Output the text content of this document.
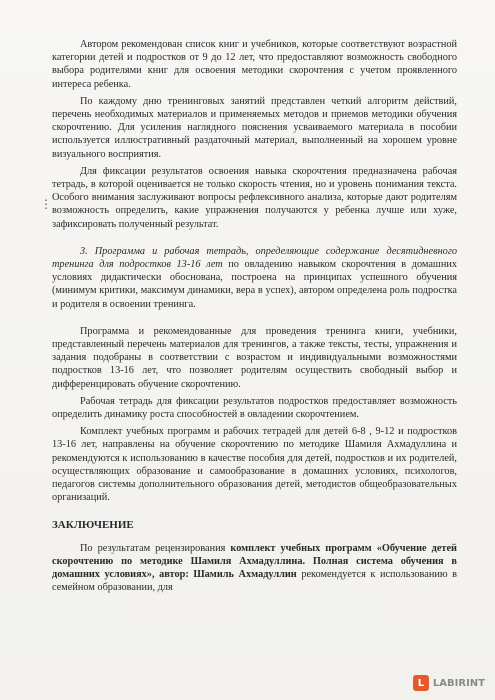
⋮

Автором рекомендован список книг и учебников, которые соответствуют возрастной категории детей и подростков от 9 до 12 лет, что предоставляют возможность свободного выбора родителями книг для освоения методики скорочтения с учетом проявленного интереса ребенка.

По каждому дню тренинговых занятий представлен четкий алгоритм действий, перечень необходимых материалов и применяемых методов и приемов методики обучения скорочтению. Для усиления наглядного пояснения усваиваемого материала в пособии используется иллюстративный раздаточный материал, выполненный на хорошем уровне визуального восприятия.

Для фиксации результатов освоения навыка скорочтения предназначена рабочая тетрадь, в которой оценивается не только скорость чтения, но и уровень понимания текста. Особого внимания заслуживают вопросы рефлексивного анализа, которые дают родителям возможность определить, какие упражнения получаются у ребенка лучше или хуже, зафиксировать полученный результат.

3. Программа и рабочая тетрадь, определяющие содержание десятидневного тренинга для подростков 13-16 лет по овладению навыком скорочтения в домашних условиях дидактически обоснована, построена на принципах успешного обучения (минимум критики, максимум динамики, вера в успех), автором определена роль подростка и родителя в освоении тренинга.

Программа и рекомендованные для проведения тренинга книги, учебники, представленный перечень материалов для тренингов, а также тексты, тесты, упражнения и задания подобраны в соответствии с возрастом и индивидуальными возможностями подростков 13-16 лет, что позволяет родителям осуществить свободный выбор и дифференцировать обучение скорочтению.

Рабочая тетрадь для фиксации результатов подростков предоставляет возможность определить динамику роста способностей в овладении скорочтением.

Комплект учебных программ и рабочих тетрадей для детей 6-8 , 9-12 и подростков 13-16 лет, направлены на обучение скорочтению по методике Шамиля Ахмадуллина и рекомендуются к использованию в качестве пособия для детей, подростков и их родителей, осуществляющих образование и самообразование в домашних условиях, психологов, педагогов системы дополнительного образования детей, методистов общеобразовательных организаций.

ЗАКЛЮЧЕНИЕ

По результатам рецензирования комплект учебных программ «Обучение детей скорочтению по методике Шамиля Ахмадуллина. Полная система обучения в домашних условиях», автор: Шамиль Ахмадуллин рекомендуется к использованию в семейном образовании, для

L LABIRINT
